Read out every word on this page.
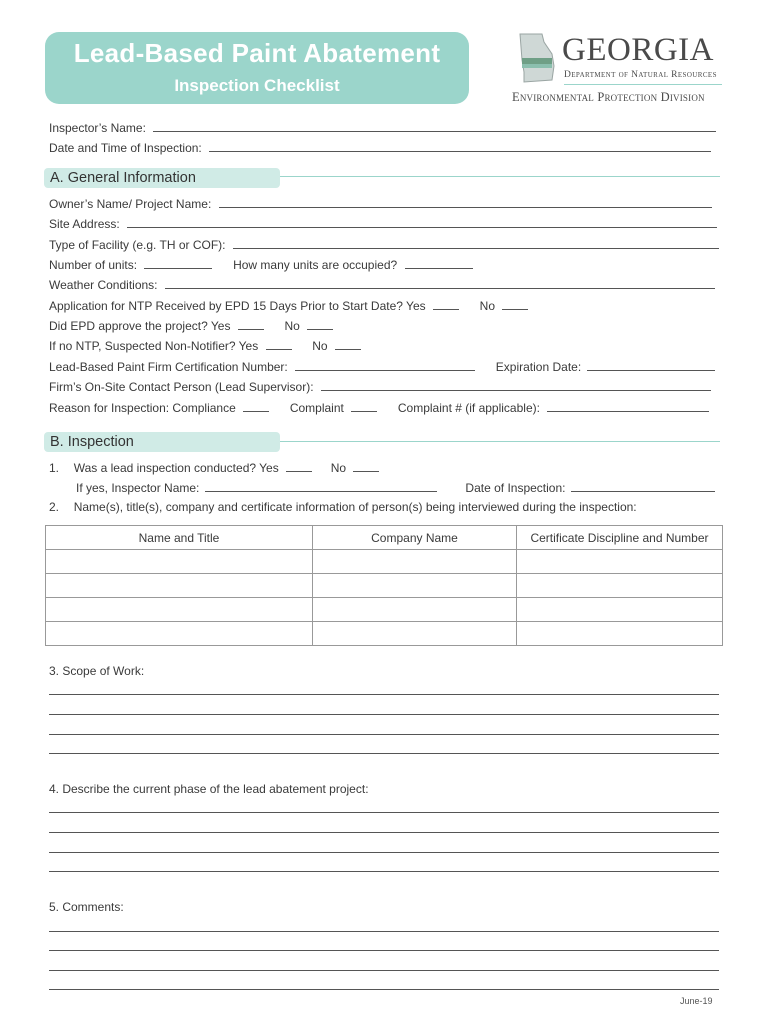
Lead-Based Paint Abatement
Inspection Checklist
GEORGIA
Department of Natural Resources
Environmental Protection Division
Inspector’s Name:
Date and Time of Inspection:
A. General Information
Owner’s Name/ Project Name:
Site Address:
Type of Facility (e.g. TH or COF):
Number of units:	How many units are occupied?
Weather Conditions:
Application for NTP Received by EPD 15 Days Prior to Start Date? Yes	No
Did EPD approve the project? Yes	No
If no NTP, Suspected Non-Notifier? Yes	No
Lead-Based Paint Firm Certification Number:	Expiration Date:
Firm’s On-Site Contact Person (Lead Supervisor):
Reason for Inspection: Compliance	Complaint	Complaint # (if applicable):
B. Inspection
1. Was a lead inspection conducted? Yes	No
If yes, Inspector Name:	Date of Inspection:
2. Name(s), title(s), company and certificate information of person(s) being interviewed during the inspection:
Name and Title	Company Name	Certificate Discipline and Number

3. Scope of Work:
4. Describe the current phase of the lead abatement project:
5. Comments:
June-19
